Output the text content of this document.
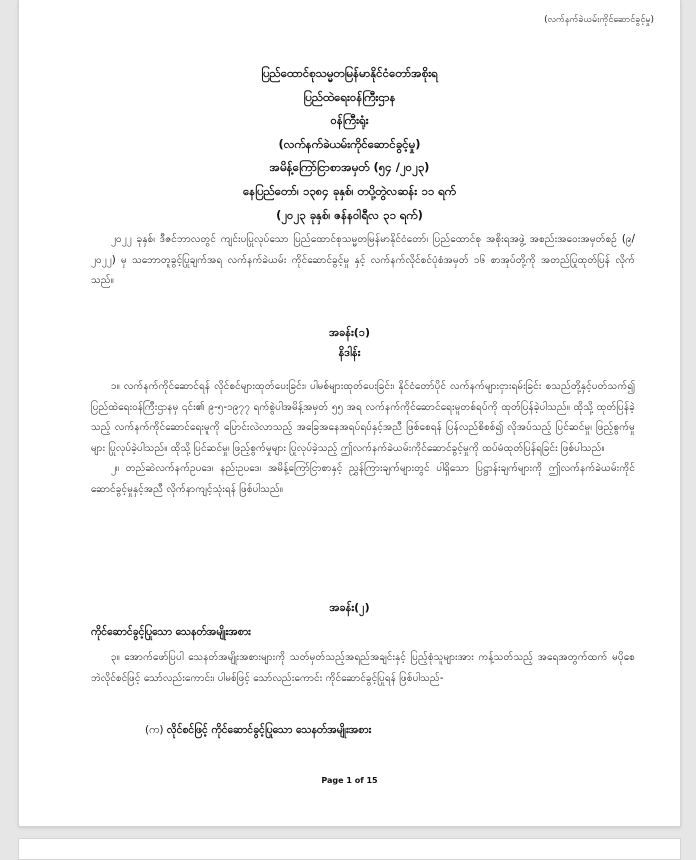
(လက်နက်ခဲယမ်းကိုင်ဆောင်ခွင့်မှု)
ပြည်ထောင်စုသမ္မတမြန်မာနိုင်ငံတော်အစိုးရ
ပြည်ထဲရေးဝန်ကြီးဌာန
ဝန်ကြီးရုံး
(လက်နက်ခဲယမ်းကိုင်ဆောင်ခွင့်မှု)
အမိန့်ကြော်ငြာစာအမှတ် (၅၄ /၂၀၂၃)
နေပြည်တော်၊ ၁၃၈၄ ခုနှစ်၊ တပို့တွဲလဆန်း ၁၁ ရက်
(၂၀၂၃ ခုနှစ်၊ ဇန်နဝါရီလ ၃၁ ရက်)

၂၀၂၂ ခုနှစ်၊ ဒီဇင်ဘာလတွင် ကျင်းပပြုလုပ်သော ပြည်ထောင်စုသမ္မတမြန်မာနိုင်ငံတော်၊ ပြည်ထောင်စု အစိုးရအဖွဲ့ အစည်းအဝေးအမှတ်စဉ် (၉/ ၂၀၂၂) မှ သဘောတူခွင့်ပြုချက်အရ လက်နက်ခဲယမ်း ကိုင်ဆောင်ခွင့်မှု နှင့် လက်နက်လိုင်စင်ပုံစံအမှတ် ၁၆ စာအုပ်တို့ကို အတည်ပြုထုတ်ပြန် လိုက်သည်။

အခန်း(၁)
နိဒါန်း

၁။ လက်နက်ကိုင်ဆောင်ရန် လိုင်စင်များထုတ်ပေးခြင်း၊ ပါမစ်များထုတ်ပေးခြင်း၊ နိုင်ငံတော်ပိုင် လက်နက်များငှားရမ်းခြင်း စသည်တို့နှင့်ပတ်သက်၍ ပြည်ထဲရေးဝန်ကြီးဌာနမှ ၎င်း၏ ၉-၅-၁၉၇၇ ရက်စွဲပါအမိန့်အမှတ် ၅၅ အရ လက်နက်ကိုင်ဆောင်ရေးမူတစ်ရပ်ကို ထုတ်ပြန်ခဲ့ပါသည်။ ထိုသို့ ထုတ်ပြန်ခဲ့သည့် လက်နက်ကိုင်ဆောင်ရေးမူကို ပြောင်းလဲလာသည့် အခြေအနေအရပ်ရပ်နှင့်အညီ ဖြစ်စေရန် ပြန်လည်စိစစ်၍ လိုအပ်သည့် ပြင်ဆင်မှု၊ ဖြည့်စွက်မှုများ ပြုလုပ်ခဲ့ပါသည်။ ထိုသို့ ပြင်ဆင်မှု၊ ဖြည့်စွက်မှုများ ပြုလုပ်ခဲ့သည့် ဤလက်နက်ခဲယမ်းကိုင်ဆောင်ခွင့်မှုကို ထပ်မံထုတ်ပြန်ရခြင်း ဖြစ်ပါသည်။

၂။ တည်ဆဲလက်နက်ဥပဒေ၊ နည်းဥပဒေ၊ အမိန့်ကြော်ငြာစာနှင့် ညွှန်ကြားချက်များတွင် ပါရှိသော ပြဋ္ဌာန်းချက်များကို ဤလက်နက်ခဲယမ်းကိုင်ဆောင်ခွင့်မှုနှင့်အညီ လိုက်နာကျင့်သုံးရန် ဖြစ်ပါသည်။

အခန်း(၂)
ကိုင်ဆောင်ခွင့်ပြုသော သေနတ်အမျိုးအစား

၃။ အောက်ဖော်ပြပါ သေနတ်အမျိုးအစားများကို သတ်မှတ်သည့်အရည်အချင်းနှင့် ပြည့်စုံသူများအား ကန့်သတ်သည့် အရေအတွက်ထက် မပိုစေဘဲလိုင်စင်ဖြင့် သော်လည်းကောင်း၊ ပါမစ်ဖြင့် သော်လည်းကောင်း ကိုင်ဆောင်ခွင့်ပြုရန် ဖြစ်ပါသည်-

(က) လိုင်စင်ဖြင့် ကိုင်ဆောင်ခွင့်ပြုသော သေနတ်အမျိုးအစား
Page 1 of 15
